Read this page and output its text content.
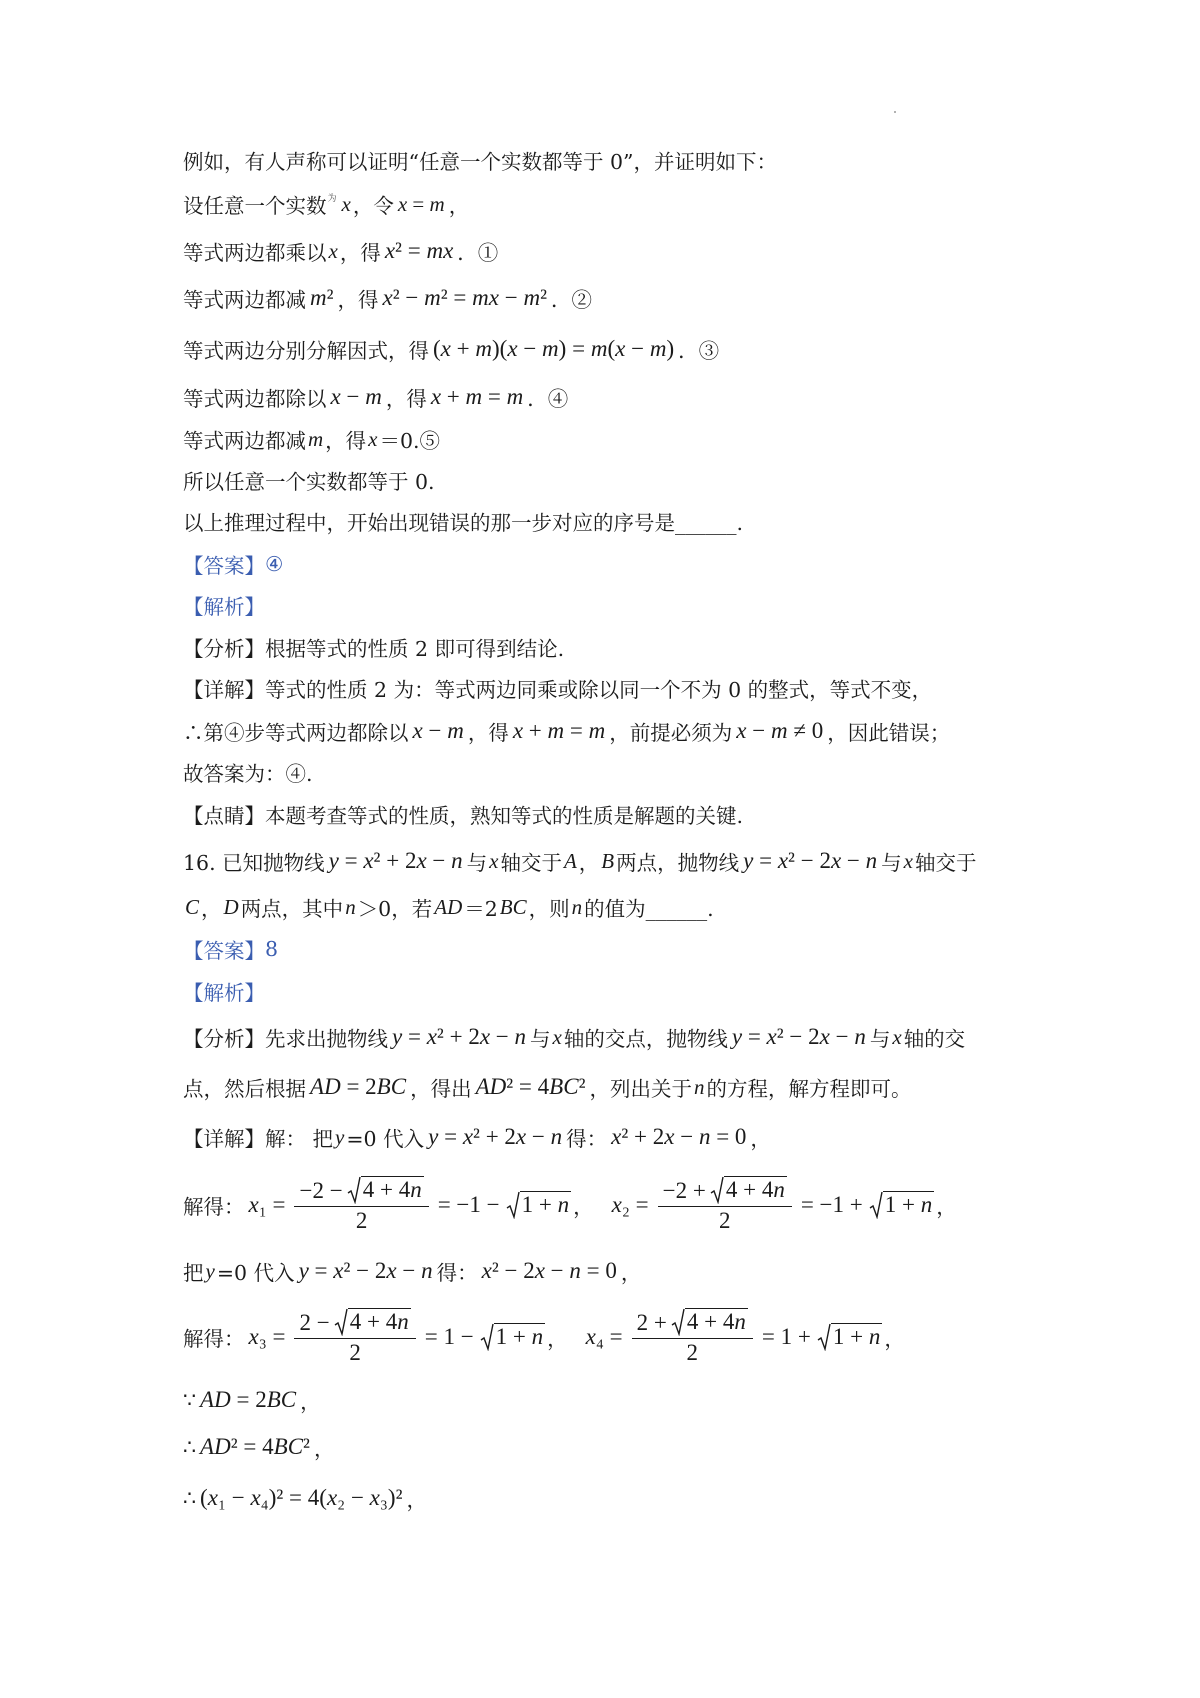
例如，有人声称可以证明“任意一个实数都等于 0”，并证明如下：
设任意一个实数 为 x ，令 x = m ，
等式两边都乘以 x ，得 x² = mx ．①
等式两边都减 m² ，得 x² − m² = mx − m² ．②
等式两边分别分解因式，得 (x + m)(x − m) = m(x − m) ．③
等式两边都除以 x − m ，得 x + m = m ．④
等式两边都减 m ，得 x ＝0.⑤
所以任意一个实数都等于 0.
以上推理过程中，开始出现错误的那一步对应的序号是______.
【答案】 ④
【解析】
【分析】 根据等式的性质 2 即可得到结论.
【详解】 等式的性质 2 为：等式两边同乘或除以同一个不为 0 的整式，等式不变，
∴第④步等式两边都除以 x − m ，得 x + m = m ，前提必须为 x − m ≠ 0 ，因此错误；
故答案为：④.
【点睛】 本题考查等式的性质，熟知等式的性质是解题的关键.
16. 已知抛物线 y = x² + 2x − n 与 x 轴交于 A ， B 两点，抛物线 y = x² − 2x − n 与 x 轴交于
C ， D 两点，其中 n ＞0，若 AD ＝2 BC ，则 n 的值为______.
【答案】 8
【解析】
【分析】 先求出抛物线 y = x² + 2x − n 与 x 轴的交点，抛物线 y = x² − 2x − n 与 x 轴的交
点，然后根据 AD = 2BC ，得出 AD² = 4BC² ，列出关于 n 的方程，解方程即可。
【详解】 解： 把 y =0 代入 y = x² + 2x − n 得： x² + 2x − n = 0 ，
解得： $x_1 = \frac{-2 - 4 + 4n}{2} = -1 - 1 + n$ ， $x_2 = \frac{-2 + 4 + 4n}{2} = -1 + 1 + n$ ，
把 y =0 代入 y = x² − 2x − n 得： x² − 2x − n = 0 ，
解得： $x_3 = \frac{2 - 4 + 4n}{2} = 1 - 1 + n$ ， $x_4 = \frac{2 + 4 + 4n}{2} = 1 + 1 + n$ ，
∵ AD = 2BC ，
∴ AD² = 4BC² ，
∴ (x₁ − x₄)² = 4(x₂ − x₃)² ，
